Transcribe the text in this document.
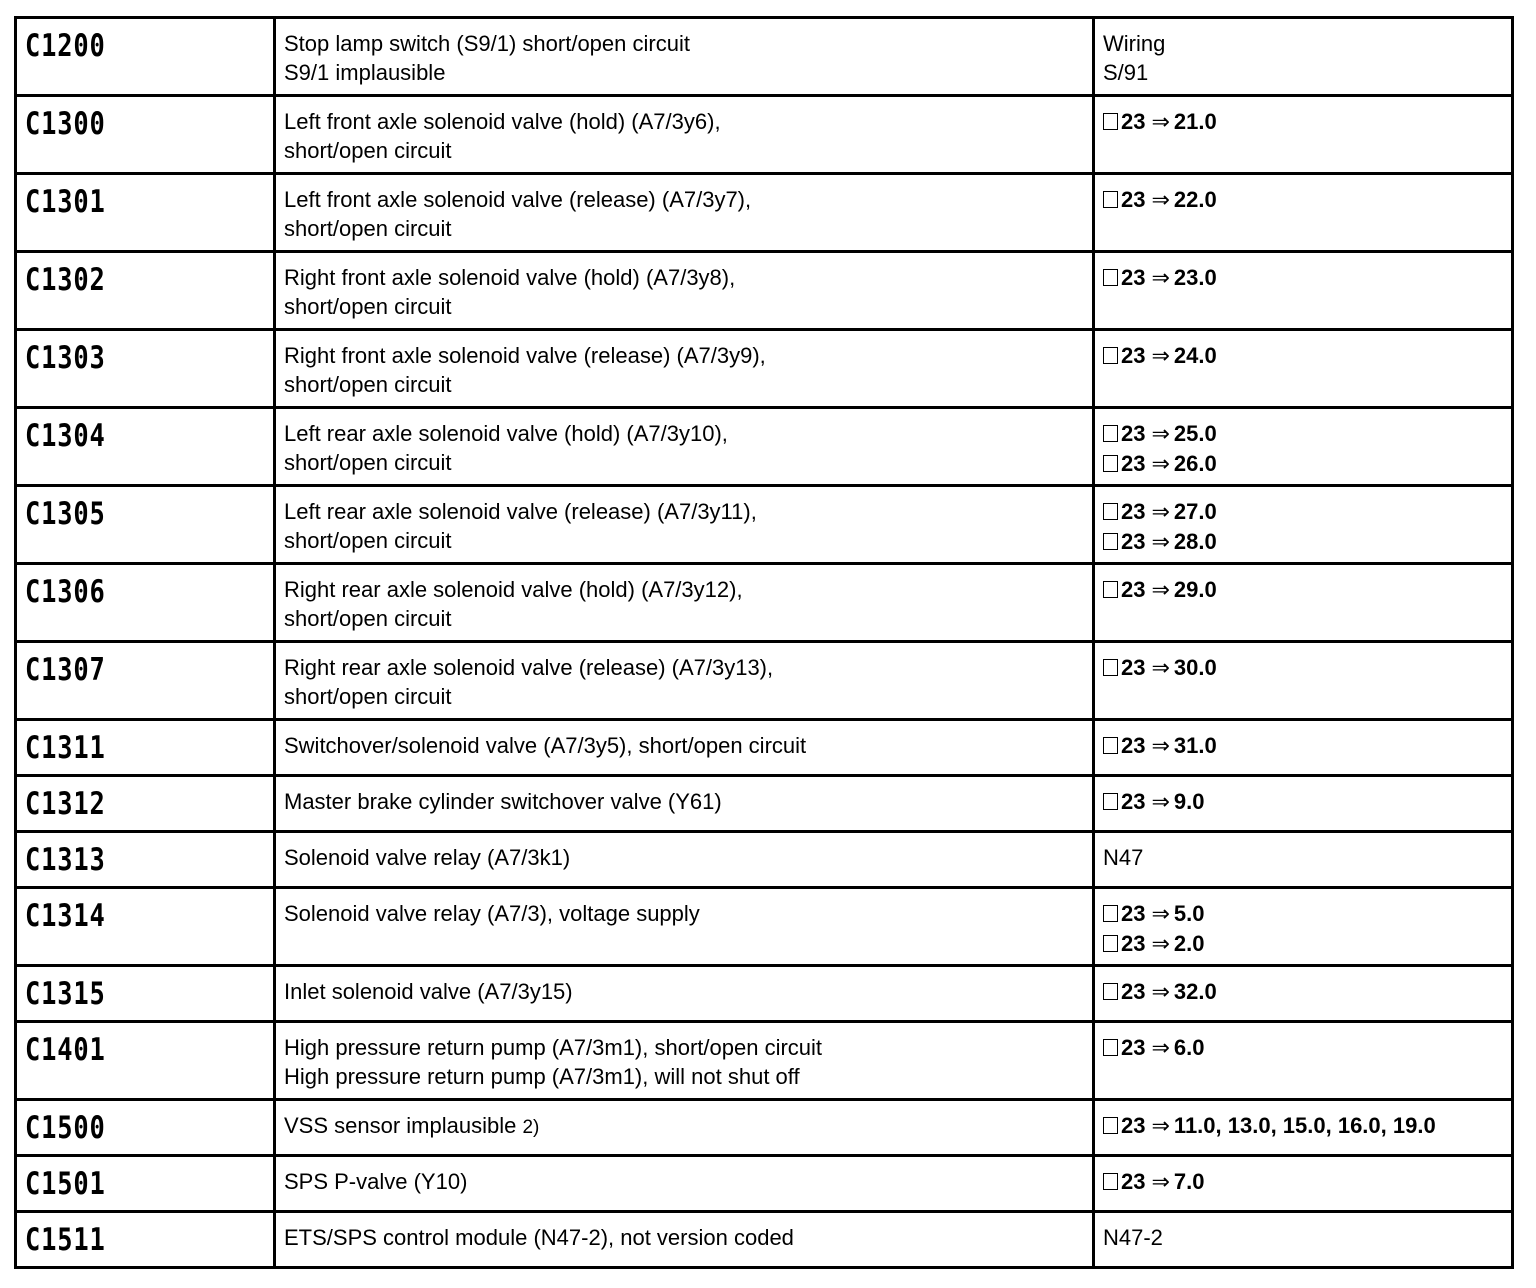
C1200	Stop lamp switch (S9/1) short/open circuit
S9/1 implausible	Wiring
S/91

C1300	Left front axle solenoid valve (hold) (A7/3y6),
short/open circuit	23 ⇒ 21.0

C1301	Left front axle solenoid valve (release) (A7/3y7),
short/open circuit	23 ⇒ 22.0

C1302	Right front axle solenoid valve (hold) (A7/3y8),
short/open circuit	23 ⇒ 23.0

C1303	Right front axle solenoid valve (release) (A7/3y9),
short/open circuit	23 ⇒ 24.0

C1304	Left rear axle solenoid valve (hold) (A7/3y10),
short/open circuit	23 ⇒ 25.0
23 ⇒ 26.0

C1305	Left rear axle solenoid valve (release) (A7/3y11),
short/open circuit	23 ⇒ 27.0
23 ⇒ 28.0

C1306	Right rear axle solenoid valve (hold) (A7/3y12),
short/open circuit	23 ⇒ 29.0

C1307	Right rear axle solenoid valve (release) (A7/3y13),
short/open circuit	23 ⇒ 30.0

C1311	Switchover/solenoid valve (A7/3y5), short/open circuit	23 ⇒ 31.0

C1312	Master brake cylinder switchover valve (Y61)	23 ⇒ 9.0

C1313	Solenoid valve relay (A7/3k1)	N47

C1314	Solenoid valve relay (A7/3), voltage supply	23 ⇒ 5.0
23 ⇒ 2.0

C1315	Inlet solenoid valve (A7/3y15)	23 ⇒ 32.0

C1401	High pressure return pump (A7/3m1), short/open circuit
High pressure return pump (A7/3m1), will not shut off	23 ⇒ 6.0

C1500	VSS sensor implausible 2)	23 ⇒ 11.0, 13.0, 15.0, 16.0, 19.0

C1501	SPS P-valve (Y10)	23 ⇒ 7.0

C1511	ETS/SPS control module (N47-2), not version coded	N47-2
